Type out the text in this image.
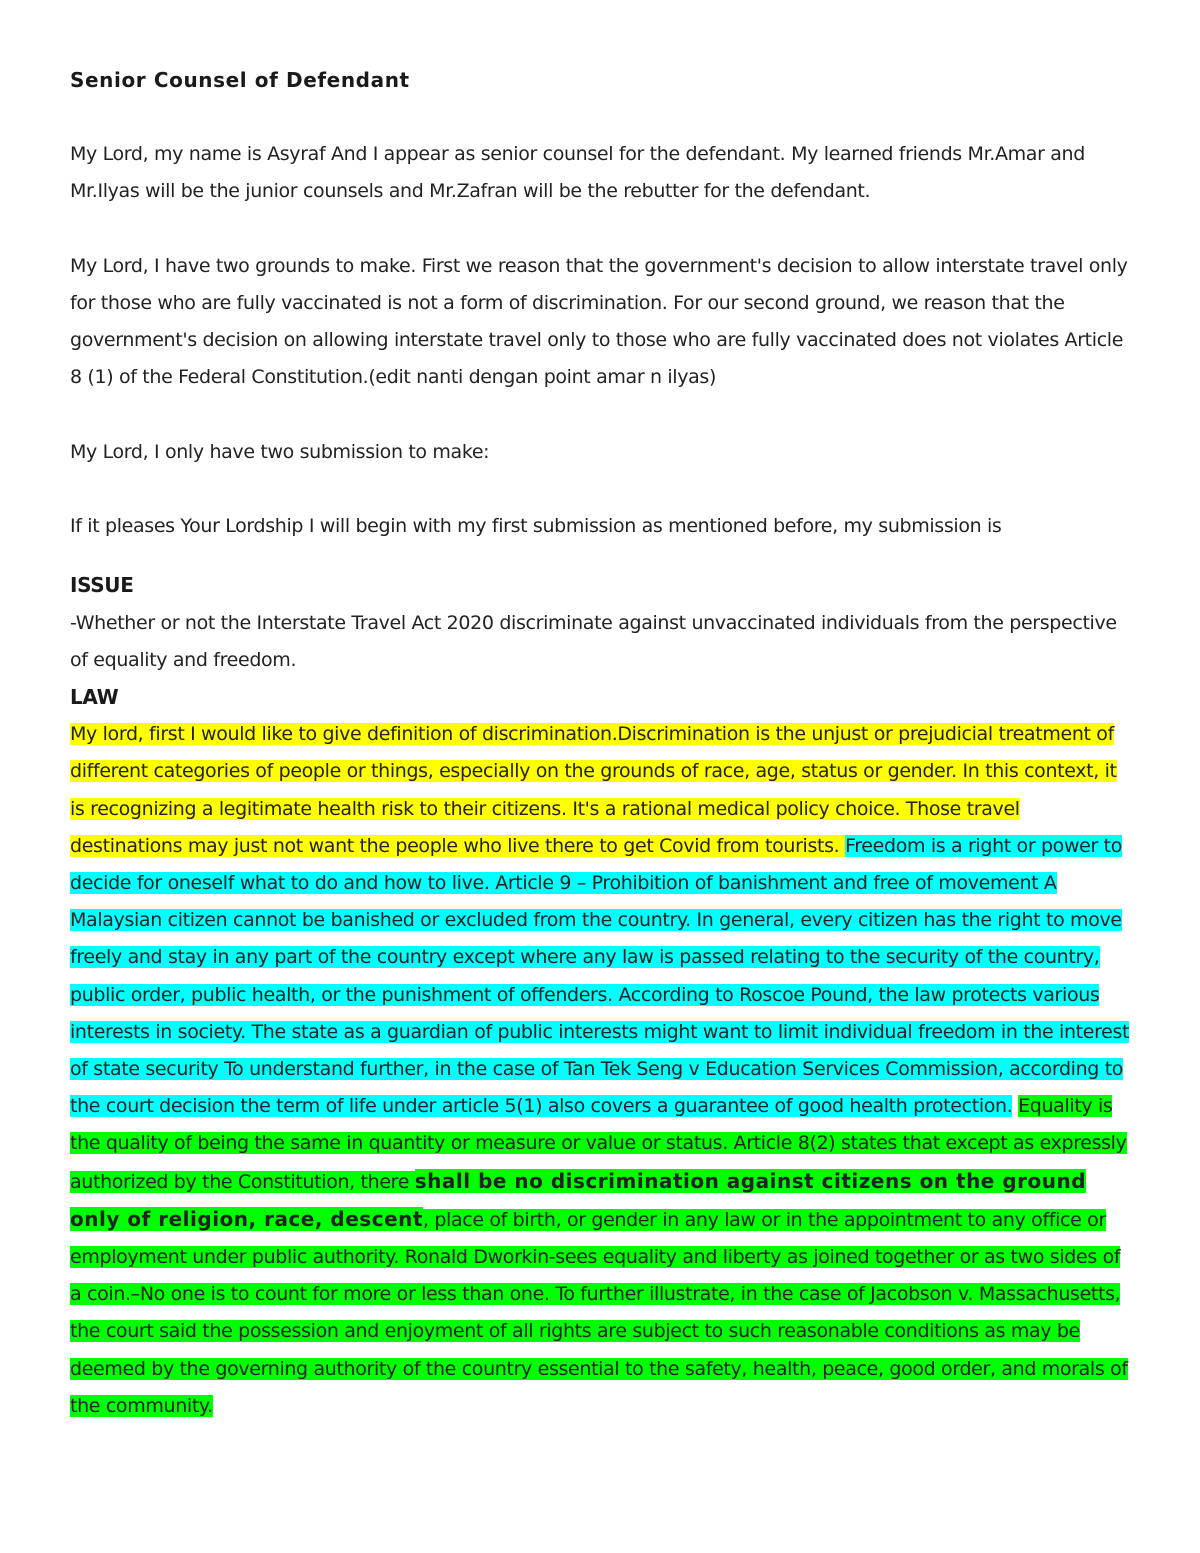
Senior Counsel of Defendant

My Lord, my name is Asyraf And I appear as senior counsel for the defendant. My learned friends Mr.Amar and Mr.Ilyas will be the junior counsels and Mr.Zafran will be the rebutter for the defendant.

My Lord, I have two grounds to make. First we reason that the government's decision to allow interstate travel only for those who are fully vaccinated is not a form of discrimination. For our second ground, we reason that the government's decision on allowing interstate travel only to those who are fully vaccinated does not violates Article 8 (1) of the Federal Constitution.(edit nanti dengan point amar n ilyas)

My Lord, I only have two submission to make:

If it pleases Your Lordship I will begin with my first submission as mentioned before, my submission is

ISSUE

-Whether or not the Interstate Travel Act 2020 discriminate against unvaccinated individuals from the perspective of equality and freedom.

LAW

My lord, first I would like to give definition of discrimination.Discrimination is the unjust or prejudicial treatment of different categories of people or things, especially on the grounds of race, age, status or gender. In this context, it is recognizing a legitimate health risk to their citizens. It's a rational medical policy choice. Those travel destinations may just not want the people who live there to get Covid from tourists. Freedom is a right or power to decide for oneself what to do and how to live. Article 9 – Prohibition of banishment and free of movement A Malaysian citizen cannot be banished or excluded from the country. In general, every citizen has the right to move freely and stay in any part of the country except where any law is passed relating to the security of the country, public order, public health, or the punishment of offenders. According to Roscoe Pound, the law protects various interests in society. The state as a guardian of public interests might want to limit individual freedom in the interest of state security To understand further, in the case of Tan Tek Seng v Education Services Commission, according to the court decision the term of life under article 5(1) also covers a guarantee of good health protection. Equality is the quality of being the same in quantity or measure or value or status. Article 8(2) states that except as expressly authorized by the Constitution, there shall be no discrimination against citizens on the ground only of religion, race, descent, place of birth, or gender in any law or in the appointment to any office or employment under public authority. Ronald Dworkin-sees equality and liberty as joined together or as two sides of a coin.–No one is to count for more or less than one. To further illustrate, in the case of Jacobson v. Massachusetts, the court said the possession and enjoyment of all rights are subject to such reasonable conditions as may be deemed by the governing authority of the country essential to the safety, health, peace, good order, and morals of the community.
